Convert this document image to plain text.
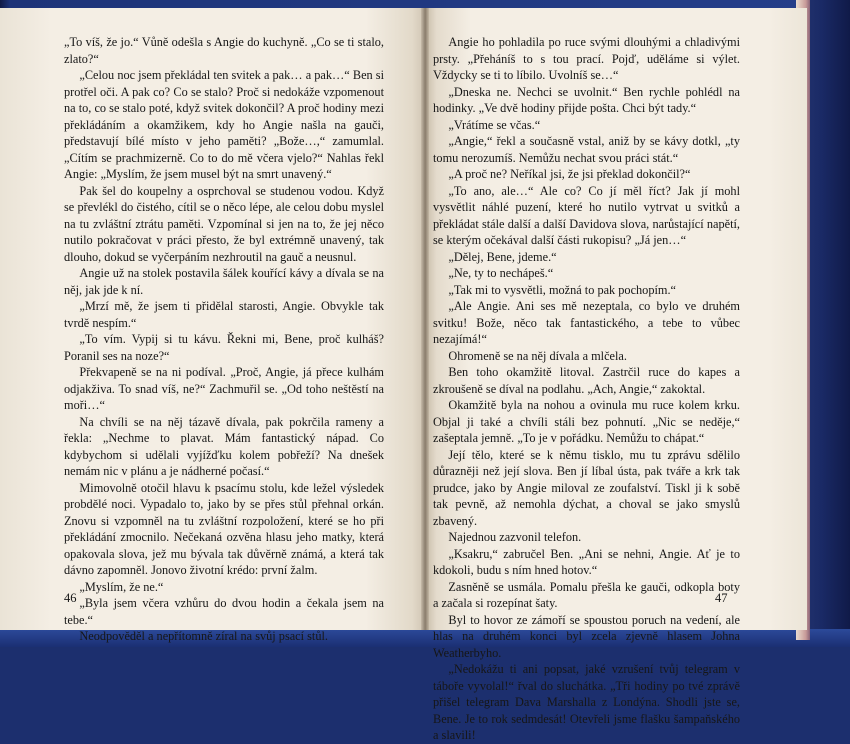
„To víš, že jo.“ Vůně odešla s Angie do kuchyně. „Co se ti stalo, zlato?“

„Celou noc jsem překládal ten svitek a pak… a pak…“ Ben si protřel oči. A pak co? Co se stalo? Proč si nedokáže vzpomenout na to, co se stalo poté, když svitek dokončil? A proč hodiny mezi překládáním a okamžikem, kdy ho Angie našla na gauči, představují bílé místo v jeho paměti? „Bože…,“ zamumlal. „Cítím se prachmizerně. Co to do mě včera vjelo?“ Nahlas řekl Angie: „Myslím, že jsem musel být na smrt unavený.“

Pak šel do koupelny a osprchoval se studenou vodou. Když se převlékl do čistého, cítil se o něco lépe, ale celou dobu myslel na tu zvláštní ztrátu paměti. Vzpomínal si jen na to, že jej něco nutilo pokračovat v práci přesto, že byl extrémně unavený, tak dlouho, dokud se vyčerpáním nezhroutil na gauč a neusnul.

Angie už na stolek postavila šálek kouřící kávy a dívala se na něj, jak jde k ní.

„Mrzí mě, že jsem ti přidělal starosti, Angie. Obvykle tak tvrdě nespím.“

„To vím. Vypij si tu kávu. Řekni mi, Bene, proč kulháš? Poranil ses na noze?“

Překvapeně se na ni podíval. „Proč, Angie, já přece kulhám odjakživa. To snad víš, ne?“ Zachmuřil se. „Od toho neštěstí na moři…“

Na chvíli se na něj tázavě dívala, pak pokrčila rameny a řekla: „Nechme to plavat. Mám fantastický nápad. Co kdybychom si udělali vyjížďku kolem pobřeží? Na dnešek nemám nic v plánu a je nádherné počasí.“

Mimovolně otočil hlavu k psacímu stolu, kde ležel výsledek probdělé noci. Vypadalo to, jako by se přes stůl přehnal orkán. Znovu si vzpomněl na tu zvláštní rozpoložení, které se ho při překládání zmocnilo. Nečekaná ozvěna hlasu jeho matky, která opakovala slova, jež mu bývala tak důvěrně známá, a která tak dávno zapomněl. Jonovo životní krédo: první žalm.

„Myslím, že ne.“

„Byla jsem včera vzhůru do dvou hodin a čekala jsem na tebe.“

Neodpověděl a nepřítomně zíral na svůj psací stůl.

46

Angie ho pohladila po ruce svými dlouhými a chladivými prsty. „Přeháníš to s tou prací. Pojď, uděláme si výlet. Vždycky se ti to líbilo. Uvolníš se…“

„Dneska ne. Nechci se uvolnit.“ Ben rychle pohlédl na hodinky. „Ve dvě hodiny přijde pošta. Chci být tady.“

„Vrátíme se včas.“

„Angie,“ řekl a současně vstal, aniž by se kávy dotkl, „ty tomu nerozumíš. Nemůžu nechat svou práci stát.“

„A proč ne? Neříkal jsi, že jsi překlad dokončil?“

„To ano, ale…“ Ale co? Co jí měl říct? Jak jí mohl vysvětlit náhlé puzení, které ho nutilo vytrvat u svitků a překládat stále další a další Davidova slova, narůstající napětí, se kterým očekával další části rukopisu? „Já jen…“

„Dělej, Bene, jdeme.“

„Ne, ty to nechápeš.“

„Tak mi to vysvětli, možná to pak pochopím.“

„Ale Angie. Ani ses mě nezeptala, co bylo ve druhém svitku! Bože, něco tak fantastického, a tebe to vůbec nezajímá!“

Ohromeně se na něj dívala a mlčela.

Ben toho okamžitě litoval. Zastrčil ruce do kapes a zkroušeně se díval na podlahu. „Ach, Angie,“ zakoktal.

Okamžitě byla na nohou a ovinula mu ruce kolem krku. Objal ji také a chvíli stáli bez pohnutí. „Nic se neděje,“ zašeptala jemně. „To je v pořádku. Nemůžu to chápat.“

Její tělo, které se k němu tisklo, mu tu zprávu sdělilo důrazněji než její slova. Ben jí líbal ústa, pak tváře a krk tak prudce, jako by Angie miloval ze zoufalství. Tiskl ji k sobě tak pevně, až nemohla dýchat, a choval se jako smyslů zbavený.

Najednou zazvonil telefon.

„Ksakru,“ zabručel Ben. „Ani se nehni, Angie. Ať je to kdokoli, budu s ním hned hotov.“

Zasněně se usmála. Pomalu přešla ke gauči, odkopla boty a začala si rozepínat šaty.

Byl to hovor ze zámoří se spoustou poruch na vedení, ale hlas na druhém konci byl zcela zjevně hlasem Johna Weatherbyho.

„Nedokážu ti ani popsat, jaké vzrušení tvůj telegram v táboře vyvolal!“ řval do sluchátka. „Tři hodiny po tvé zprávě přišel telegram Dava Marshalla z Londýna. Shodli jste se, Bene. Je to rok sedmdesát! Otevřeli jsme flašku šampaňského a slavili!

47
